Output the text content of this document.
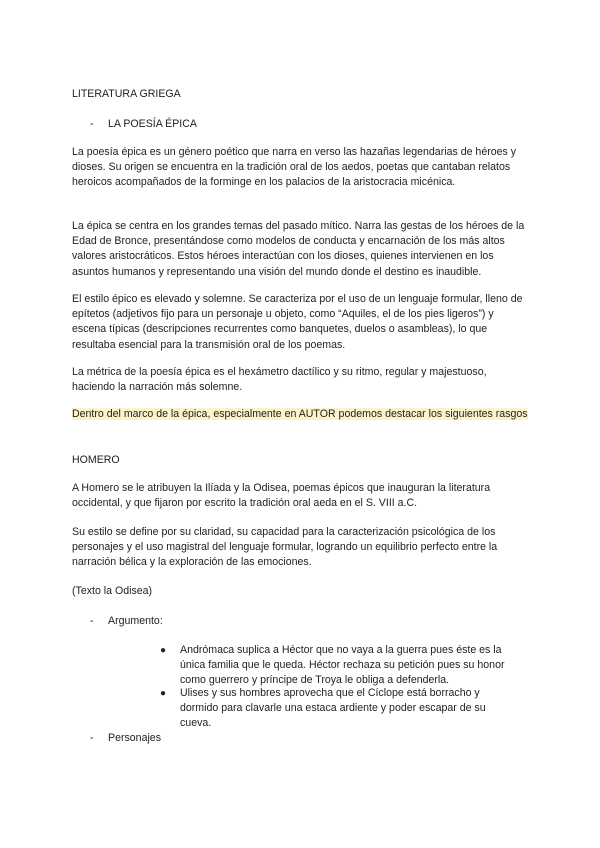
LITERATURA GRIEGA
- LA POESÍA ÉPICA

La poesía épica es un género poético que narra en verso las hazañas legendarias de héroes y dioses. Su origen se encuentra en la tradición oral de los aedos, poetas que cantaban relatos heroicos acompañados de la forminge en los palacios de la aristocracia micénica.

La épica se centra en los grandes temas del pasado mítico. Narra las gestas de los héroes de la Edad de Bronce, presentándose como modelos de conducta y encarnación de los más altos valores aristocráticos. Estos héroes interactúan con los dioses, quienes intervienen en los asuntos humanos y representando una visión del mundo donde el destino es inaudible.

El estilo épico es elevado y solemne. Se caracteriza por el uso de un lenguaje formular, lleno de epítetos (adjetivos fijo para un personaje u objeto, como “Aquiles, el de los pies ligeros”) y escena típicas (descripciones recurrentes como banquetes, duelos o asambleas), lo que resultaba esencial para la transmisión oral de los poemas.

La métrica de la poesía épica es el hexámetro dactílico y su ritmo, regular y majestuoso, haciendo la narración más solemne.

Dentro del marco de la épica, especialmente en AUTOR podemos destacar los siguientes rasgos

HOMERO

A Homero se le atribuyen la Ilíada y la Odisea, poemas épicos que inauguran la literatura occidental, y que fijaron por escrito la tradición oral aeda en el S. VIII a.C.

Su estilo se define por su claridad, su capacidad para la caracterización psicológica de los personajes y el uso magistral del lenguaje formular, logrando un equilibrio perfecto entre la narración bélica y la exploración de las emociones.

(Texto la Odisea)
- Argumento:
● Andrómaca suplica a Héctor que no vaya a la guerra pues éste es la única familia que le queda. Héctor rechaza su petición pues su honor como guerrero y príncipe de Troya le obliga a defenderla.
● Ulises y sus hombres aprovecha que el Cíclope está borracho y dormido para clavarle una estaca ardiente y poder escapar de su cueva.
- Personajes
